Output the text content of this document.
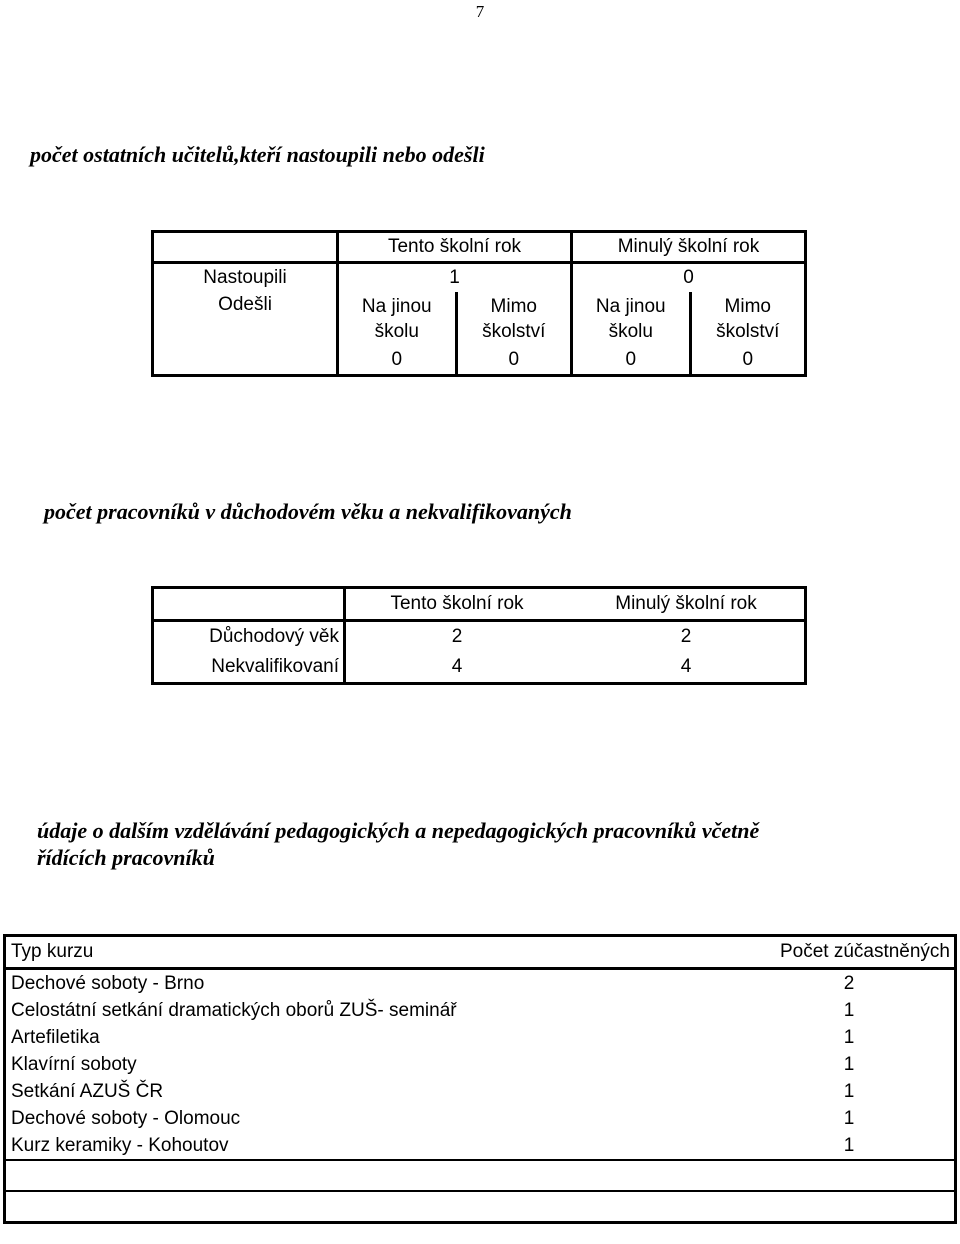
7
počet ostatních učitelů,kteří nastoupili nebo odešli
	Tento školní rok		Minulý školní rok	
Nastoupili	1		0	
Odešli	Na jinou školu	Mimo školství	Na jinou školu	Mimo školství
	0	0	0	0
počet pracovníků v důchodovém věku a nekvalifikovaných
	Tento školní rok	Minulý školní rok
Důchodový věk	2	2
Nekvalifikovaní	4	4
údaje o dalším vzdělávání pedagogických a nepedagogických pracovníků včetně
řídících pracovníků
Typ kurzu	Počet zúčastněných
Dechové soboty - Brno	2
Celostátní setkání dramatických oborů ZUŠ- seminář	1
Artefiletika	1
Klavírní soboty	1
Setkání AZUŠ ČR	1
Dechové soboty - Olomouc	1
Kurz keramiky - Kohoutov	1
